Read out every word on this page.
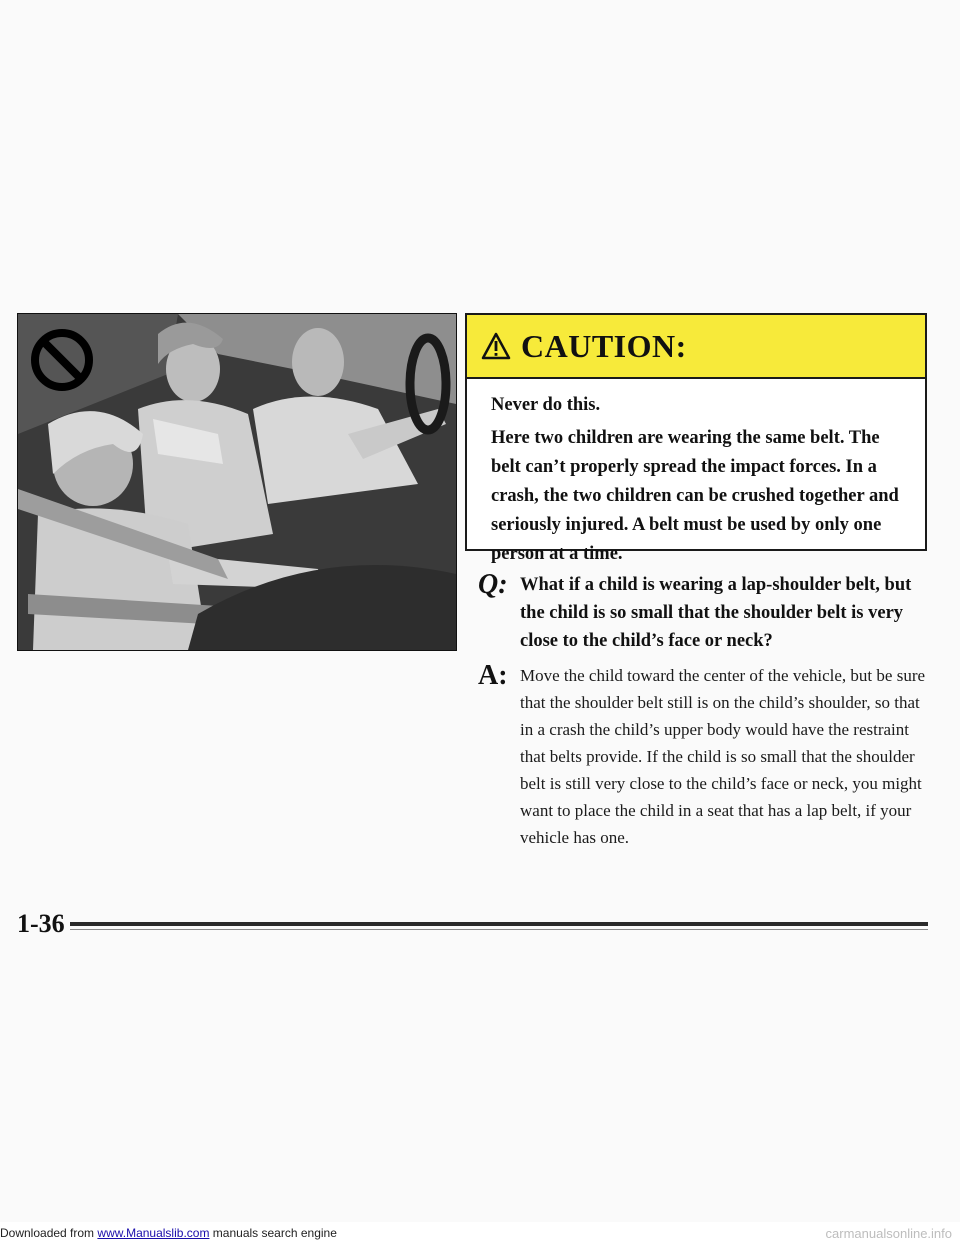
CAUTION:

Never do this.

Here two children are wearing the same belt. The belt can’t properly spread the impact forces. In a crash, the two children can be crushed together and seriously injured. A belt must be used by only one person at a time.

Q: What if a child is wearing a lap-shoulder belt, but the child is so small that the shoulder belt is very close to the child’s face or neck?
A: Move the child toward the center of the vehicle, but be sure that the shoulder belt still is on the child’s shoulder, so that in a crash the child’s upper body would have the restraint that belts provide. If the child is so small that the shoulder belt is still very close to the child’s face or neck, you might want to place the child in a seat that has a lap belt, if your vehicle has one.
1-36
Downloaded from www.Manualslib.com manuals search engine	carmanualsonline.info
